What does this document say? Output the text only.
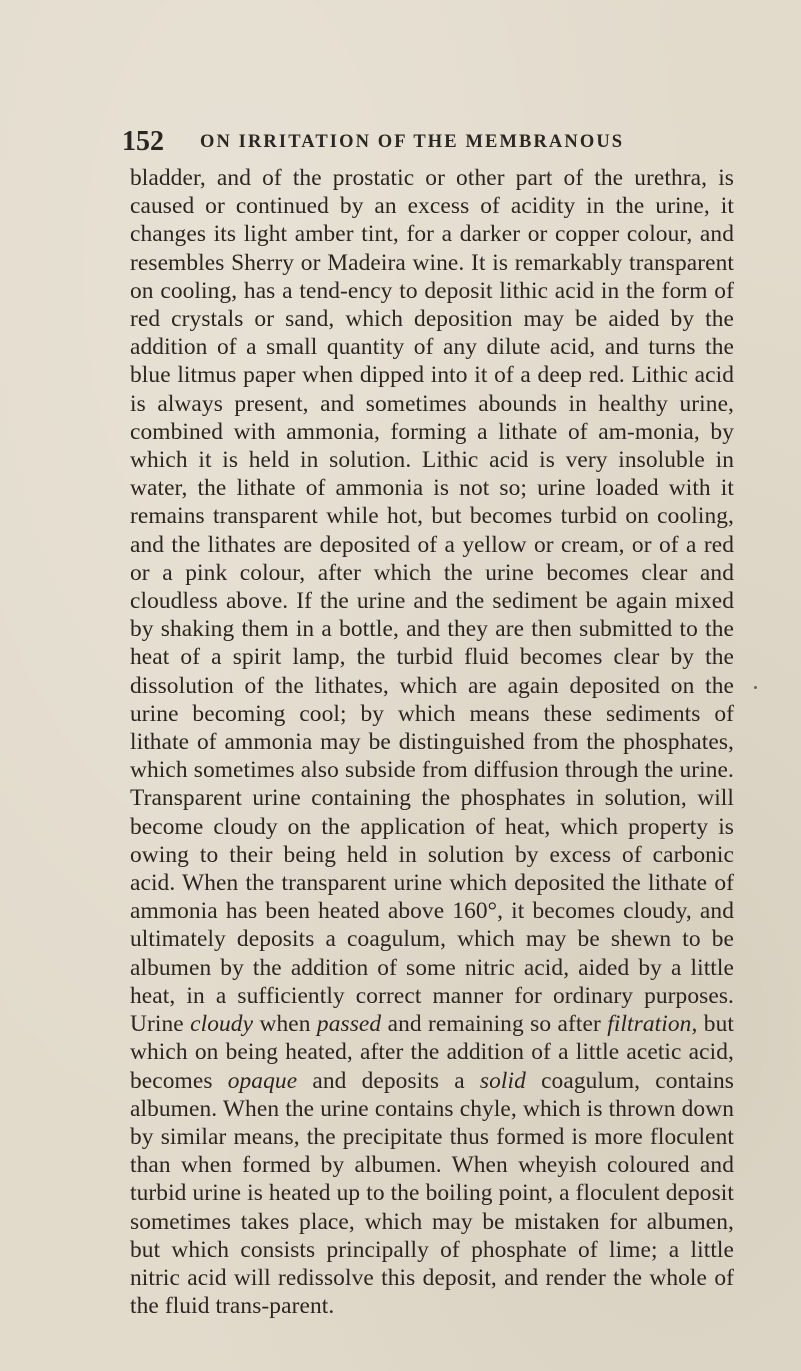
152 ON IRRITATION OF THE MEMBRANOUS

bladder, and of the prostatic or other part of the urethra, is caused or continued by an excess of acidity in the urine, it changes its light amber tint, for a darker or copper colour, and resembles Sherry or Madeira wine. It is remarkably transparent on cooling, has a tend-ency to deposit lithic acid in the form of red crystals or sand, which deposition may be aided by the addition of a small quantity of any dilute acid, and turns the blue litmus paper when dipped into it of a deep red. Lithic acid is always present, and sometimes abounds in healthy urine, combined with ammonia, forming a lithate of am-monia, by which it is held in solution. Lithic acid is very insoluble in water, the lithate of ammonia is not so; urine loaded with it remains transparent while hot, but becomes turbid on cooling, and the lithates are deposited of a yellow or cream, or of a red or a pink colour, after which the urine becomes clear and cloudless above. If the urine and the sediment be again mixed by shaking them in a bottle, and they are then submitted to the heat of a spirit lamp, the turbid fluid becomes clear by the dissolution of the lithates, which are again deposited on the urine becoming cool; by which means these sediments of lithate of ammonia may be distinguished from the phosphates, which sometimes also subside from diffusion through the urine. Transparent urine containing the phosphates in solution, will become cloudy on the application of heat, which property is owing to their being held in solution by excess of carbonic acid. When the transparent urine which deposited the lithate of ammonia has been heated above 160°, it becomes cloudy, and ultimately deposits a coagulum, which may be shewn to be albumen by the addition of some nitric acid, aided by a little heat, in a sufficiently correct manner for ordinary purposes. Urine cloudy when passed and remaining so after filtration, but which on being heated, after the addition of a little acetic acid, becomes opaque and deposits a solid coagulum, contains albumen. When the urine contains chyle, which is thrown down by similar means, the precipitate thus formed is more floculent than when formed by albumen. When wheyish coloured and turbid urine is heated up to the boiling point, a floculent deposit sometimes takes place, which may be mistaken for albumen, but which consists principally of phosphate of lime; a little nitric acid will redissolve this deposit, and render the whole of the fluid trans-parent.
